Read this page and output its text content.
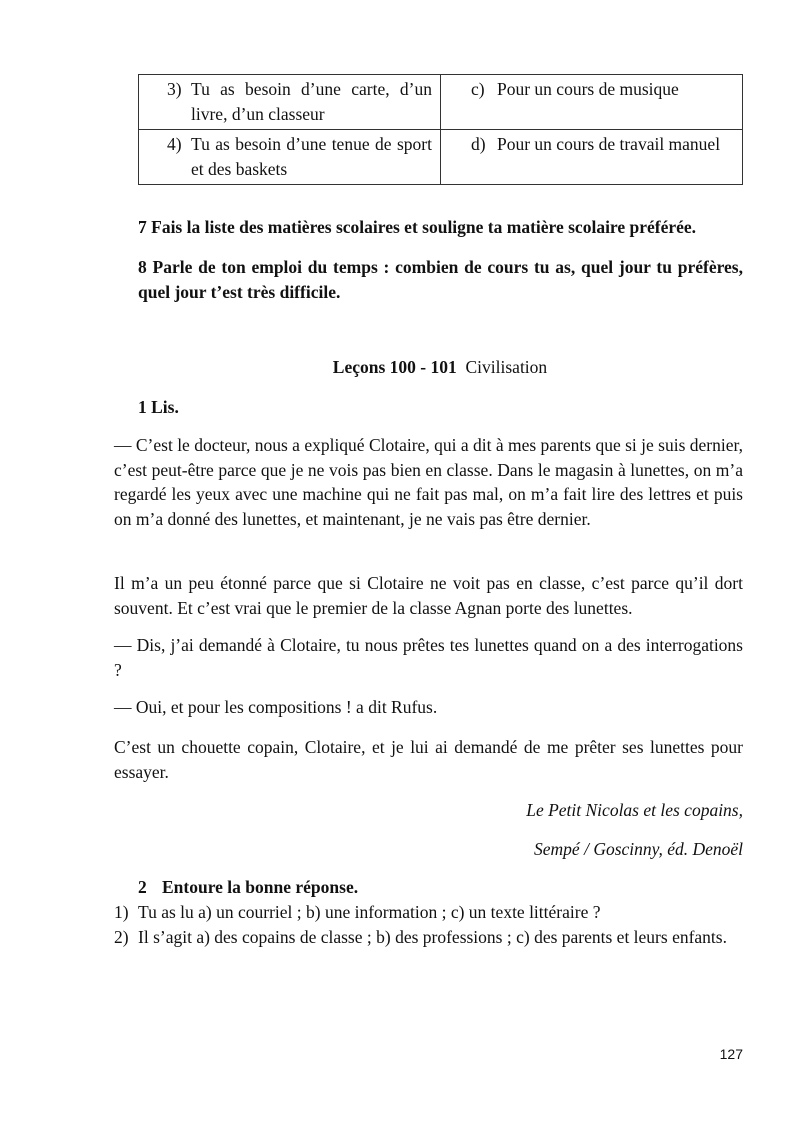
3) Tu as besoin d’une carte, d’un livre, d’un classeur	c) Pour un cours de musique

4) Tu as besoin d’une tenue de sport et des baskets	d) Pour un cours de travail manuel
7 Fais la liste des matières scolaires et souligne ta matière scolaire préférée.
8 Parle de ton emploi du temps : combien de cours tu as, quel jour tu préfères, quel jour t’est très difficile.
Leçons 100 - 101 Civilisation
1 Lis.

— C’est le docteur, nous a expliqué Clotaire, qui a dit à mes parents que si je suis dernier, c’est peut-être parce que je ne vois pas bien en classe. Dans le magasin à lunettes, on m’a regardé les yeux avec une machine qui ne fait pas mal, on m’a fait lire des lettres et puis on m’a donné des lunettes, et maintenant, je ne vais pas être dernier.

Il m’a un peu étonné parce que si Clotaire ne voit pas en classe, c’est parce qu’il dort souvent. Et c’est vrai que le premier de la classe Agnan porte des lunettes.

— Dis, j’ai demandé à Clotaire, tu nous prêtes tes lunettes quand on a des interrogations ?

— Oui, et pour les compositions ! a dit Rufus.

C’est un chouette copain, Clotaire, et je lui ai demandé de me prêter ses lunettes pour essayer.

Le Petit Nicolas et les copains,
Sempé / Goscinny, éd. Denoël
2 Entoure la bonne réponse.
1) Tu as lu a) un courriel ; b) une information ; c) un texte littéraire ?
2) Il s’agit a) des copains de classe ; b) des professions ; c) des parents et leurs enfants.
127
